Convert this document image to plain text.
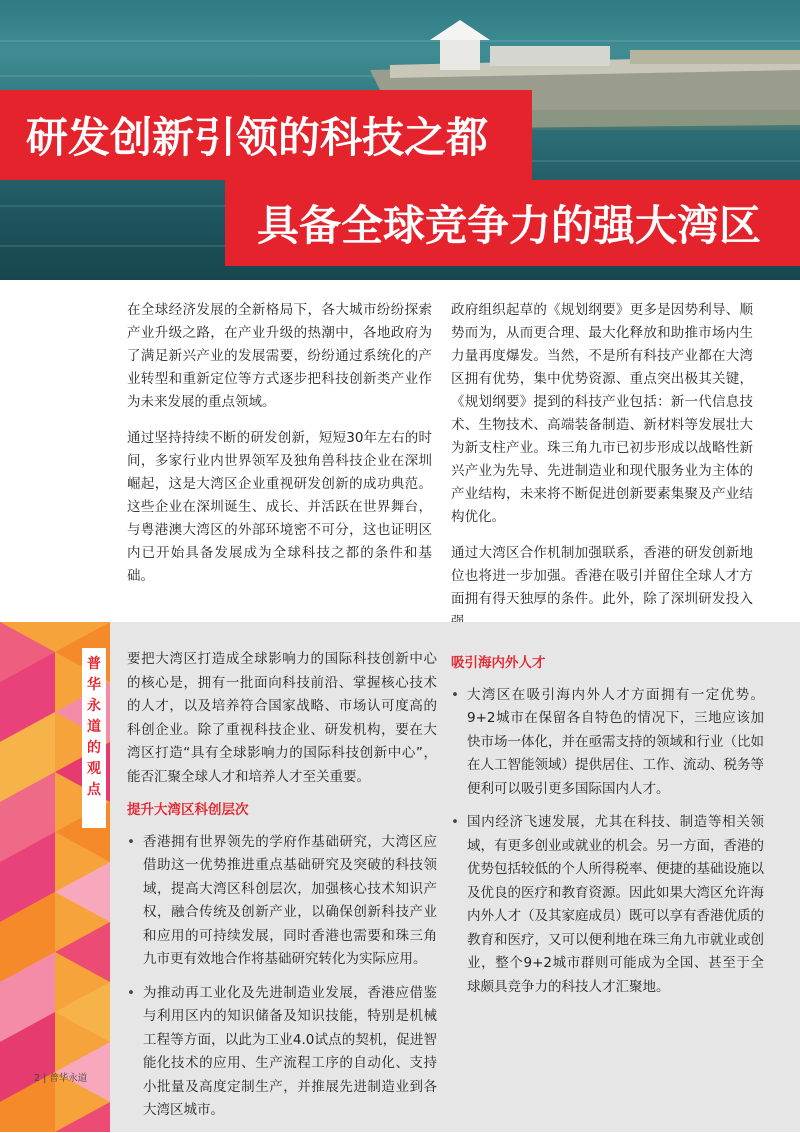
研发创新引领的科技之都
具备全球竞争力的强大湾区

在全球经济发展的全新格局下，各大城市纷纷探索产业升级之路，在产业升级的热潮中，各地政府为了满足新兴产业的发展需要，纷纷通过系统化的产业转型和重新定位等方式逐步把科技创新类产业作为未来发展的重点领域。

通过坚持持续不断的研发创新，短短30年左右的时间，多家行业内世界领军及独角兽科技企业在深圳崛起，这是大湾区企业重视研发创新的成功典范。这些企业在深圳诞生、成长、并活跃在世界舞台，与粤港澳大湾区的外部环境密不可分，这也证明区内已开始具备发展成为全球科技之都的条件和基础。

政府组织起草的《规划纲要》更多是因势利导、顺势而为，从而更合理、最大化释放和助推市场内生力量再度爆发。当然，不是所有科技产业都在大湾区拥有优势，集中优势资源、重点突出极其关键，《规划纲要》提到的科技产业包括：新一代信息技术、生物技术、高端装备制造、新材料等发展壮大为新支柱产业。珠三角九市已初步形成以战略性新兴产业为先导、先进制造业和现代服务业为主体的产业结构，未来将不断促进创新要素集聚及产业结构优化。

通过大湾区合作机制加强联系，香港的研发创新地位也将进一步加强。香港在吸引并留住全球人才方面拥有得天独厚的条件。此外，除了深圳研发投入

普
华
永
道
的
观
点

要把大湾区打造成全球影响力的国际科技创新中心的核心是，拥有一批面向科技前沿、掌握核心技术的人才，以及培养符合国家战略、市场认可度高的科创企业。除了重视科技企业、研发机构，要在大湾区打造“具有全球影响力的国际科技创新中心”，能否汇聚全球人才和培养人才至关重要。

提升大湾区科创层次
• 香港拥有世界领先的学府作基础研究，大湾区应借助这一优势推进重点基础研究及突破的科技领域，提高大湾区科创层次，加强核心技术知识产权，融合传统及创新产业，以确保创新科技产业和应用的可持续发展，同时香港也需要和珠三角九市更有效地合作将基础研究转化为实际应用。
• 为推动再工业化及先进制造业发展，香港应借鉴与利用区内的知识储备及知识技能，特别是机械工程等方面，以此为工业4.0试点的契机，促进智能化技术的应用、生产流程工序的自动化、支持小批量及高度定制生产，并推展先进制造业到各大湾区城市。
吸引海内外人才
• 大湾区在吸引海内外人才方面拥有一定优势。9+2城市在保留各自特色的情况下，三地应该加快市场一体化，并在亟需支持的领域和行业（比如在人工智能领域）提供居住、工作、流动、税务等便利可以吸引更多国际国内人才。
• 国内经济飞速发展，尤其在科技、制造等相关领域，有更多创业或就业的机会。另一方面，香港的优势包括较低的个人所得税率、便捷的基础设施以及优良的医疗和教育资源。因此如果大湾区允许海内外人才（及其家庭成员）既可以享有香港优质的教育和医疗，又可以便利地在珠三角九市就业或创业，整个9+2城市群则可能成为全国、甚至于全球颇具竞争力的科技人才汇聚地。
2 | 普华永道
